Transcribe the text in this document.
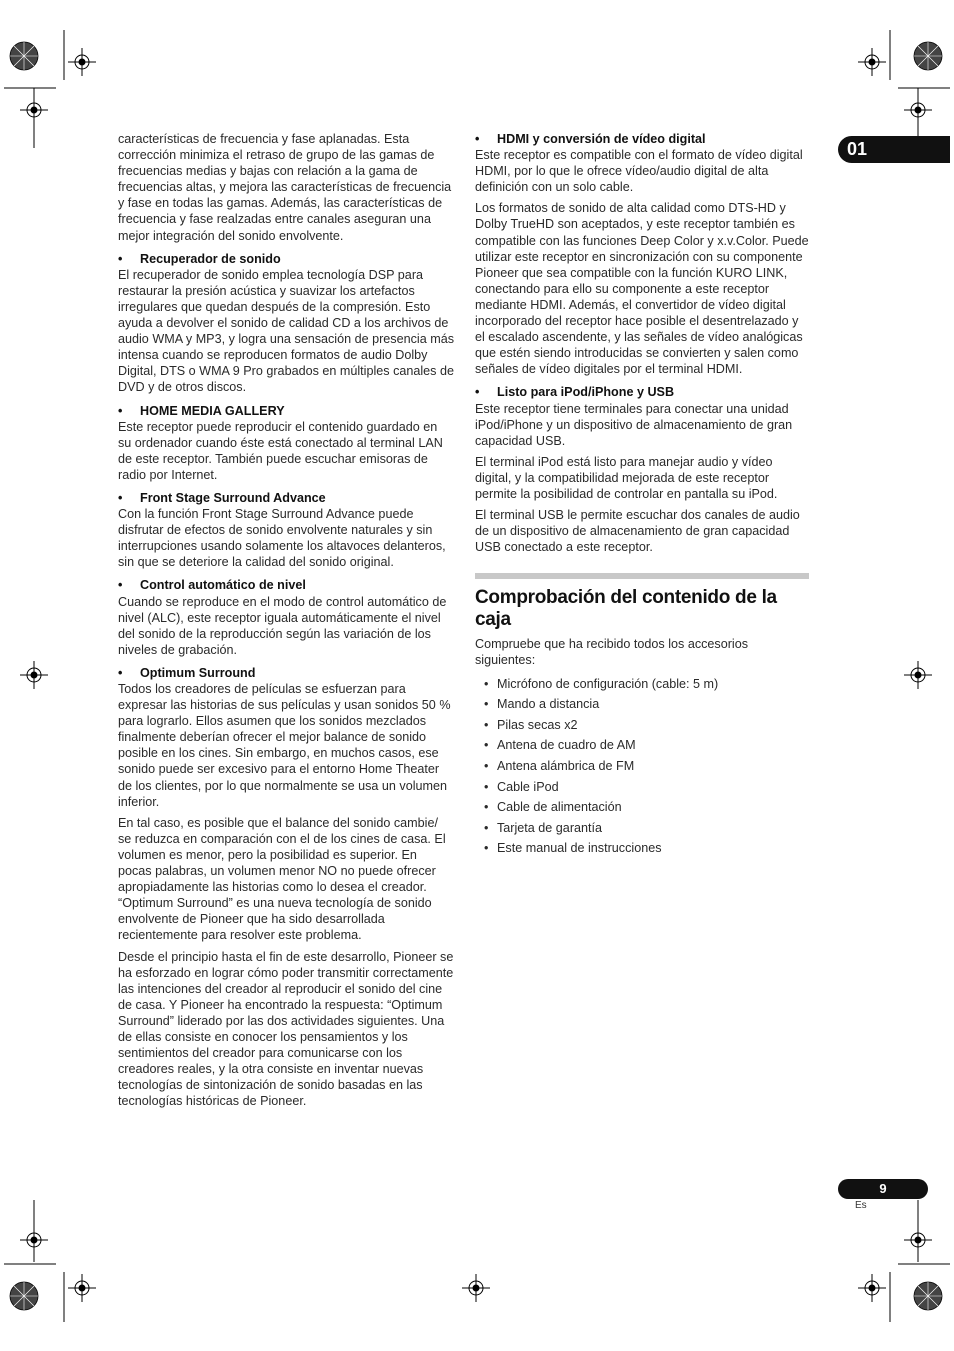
01

características de frecuencia y fase aplanadas. Esta corrección minimiza el retraso de grupo de las gamas de frecuencias medias y bajas con relación a la gama de frecuencias altas, y mejora las características de frecuencia y fase en todas las gamas. Además, las características de frecuencia y fase realzadas entre canales aseguran una mejor integración del sonido envolvente.

• Recuperador de sonido

El recuperador de sonido emplea tecnología DSP para restaurar la presión acústica y suavizar los artefactos irregulares que quedan después de la compresión. Esto ayuda a devolver el sonido de calidad CD a los archivos de audio WMA y MP3, y logra una sensación de presencia más intensa cuando se reproducen formatos de audio Dolby Digital, DTS o WMA 9 Pro grabados en múltiples canales de DVD y de otros discos.

• HOME MEDIA GALLERY

Este receptor puede reproducir el contenido guardado en su ordenador cuando éste está conectado al terminal LAN de este receptor. También puede escuchar emisoras de radio por Internet.

• Front Stage Surround Advance

Con la función Front Stage Surround Advance puede disfrutar de efectos de sonido envolvente naturales y sin interrupciones usando solamente los altavoces delanteros, sin que se deteriore la calidad del sonido original.

• Control automático de nivel

Cuando se reproduce en el modo de control automático de nivel (ALC), este receptor iguala automáticamente el nivel del sonido de la reproducción según las variación de los niveles de grabación.

• Optimum Surround

Todos los creadores de películas se esfuerzan para expresar las historias de sus películas y usan sonidos 50 % para lograrlo. Ellos asumen que los sonidos mezclados finalmente deberían ofrecer el mejor balance de sonido posible en los cines. Sin embargo, en muchos casos, ese sonido puede ser excesivo para el entorno Home Theater de los clientes, por lo que normalmente se usa un volumen inferior.

En tal caso, es posible que el balance del sonido cambie/ se reduzca en comparación con el de los cines de casa. El volumen es menor, pero la posibilidad es superior. En pocas palabras, un volumen menor NO no puede ofrecer apropiadamente las historias como lo desea el creador. “Optimum Surround” es una nueva tecnología de sonido envolvente de Pioneer que ha sido desarrollada recientemente para resolver este problema.

Desde el principio hasta el fin de este desarrollo, Pioneer se ha esforzado en lograr cómo poder transmitir correctamente las intenciones del creador al reproducir el sonido del cine de casa. Y Pioneer ha encontrado la respuesta: “Optimum Surround” liderado por las dos actividades siguientes. Una de ellas consiste en conocer los pensamientos y los sentimientos del creador para comunicarse con los creadores reales, y la otra consiste en inventar nuevas tecnologías de sintonización de sonido basadas en las tecnologías históricas de Pioneer.

• HDMI y conversión de vídeo digital

Este receptor es compatible con el formato de vídeo digital HDMI, por lo que le ofrece vídeo/audio digital de alta definición con un solo cable.

Los formatos de sonido de alta calidad como DTS-HD y Dolby TrueHD son aceptados, y este receptor también es compatible con las funciones Deep Color y x.v.Color. Puede utilizar este receptor en sincronización con su componente Pioneer que sea compatible con la función KURO LINK, conectando para ello su componente a este receptor mediante HDMI. Además, el convertidor de vídeo digital incorporado del receptor hace posible el desentrelazado y el escalado ascendente, y las señales de vídeo analógicas que estén siendo introducidas se convierten y salen como señales de vídeo digitales por el terminal HDMI.

• Listo para iPod/iPhone y USB

Este receptor tiene terminales para conectar una unidad iPod/iPhone y un dispositivo de almacenamiento de gran capacidad USB.

El terminal iPod está listo para manejar audio y vídeo digital, y la compatibilidad mejorada de este receptor permite la posibilidad de controlar en pantalla su iPod.

El terminal USB le permite escuchar dos canales de audio de un dispositivo de almacenamiento de gran capacidad USB conectado a este receptor.

Comprobación del contenido de la caja

Compruebe que ha recibido todos los accesorios siguientes:

• Micrófono de configuración (cable: 5 m)
• Mando a distancia
• Pilas secas x2
• Antena de cuadro de AM
• Antena alámbrica de FM
• Cable iPod
• Cable de alimentación
• Tarjeta de garantía
• Este manual de instrucciones
9
Es
